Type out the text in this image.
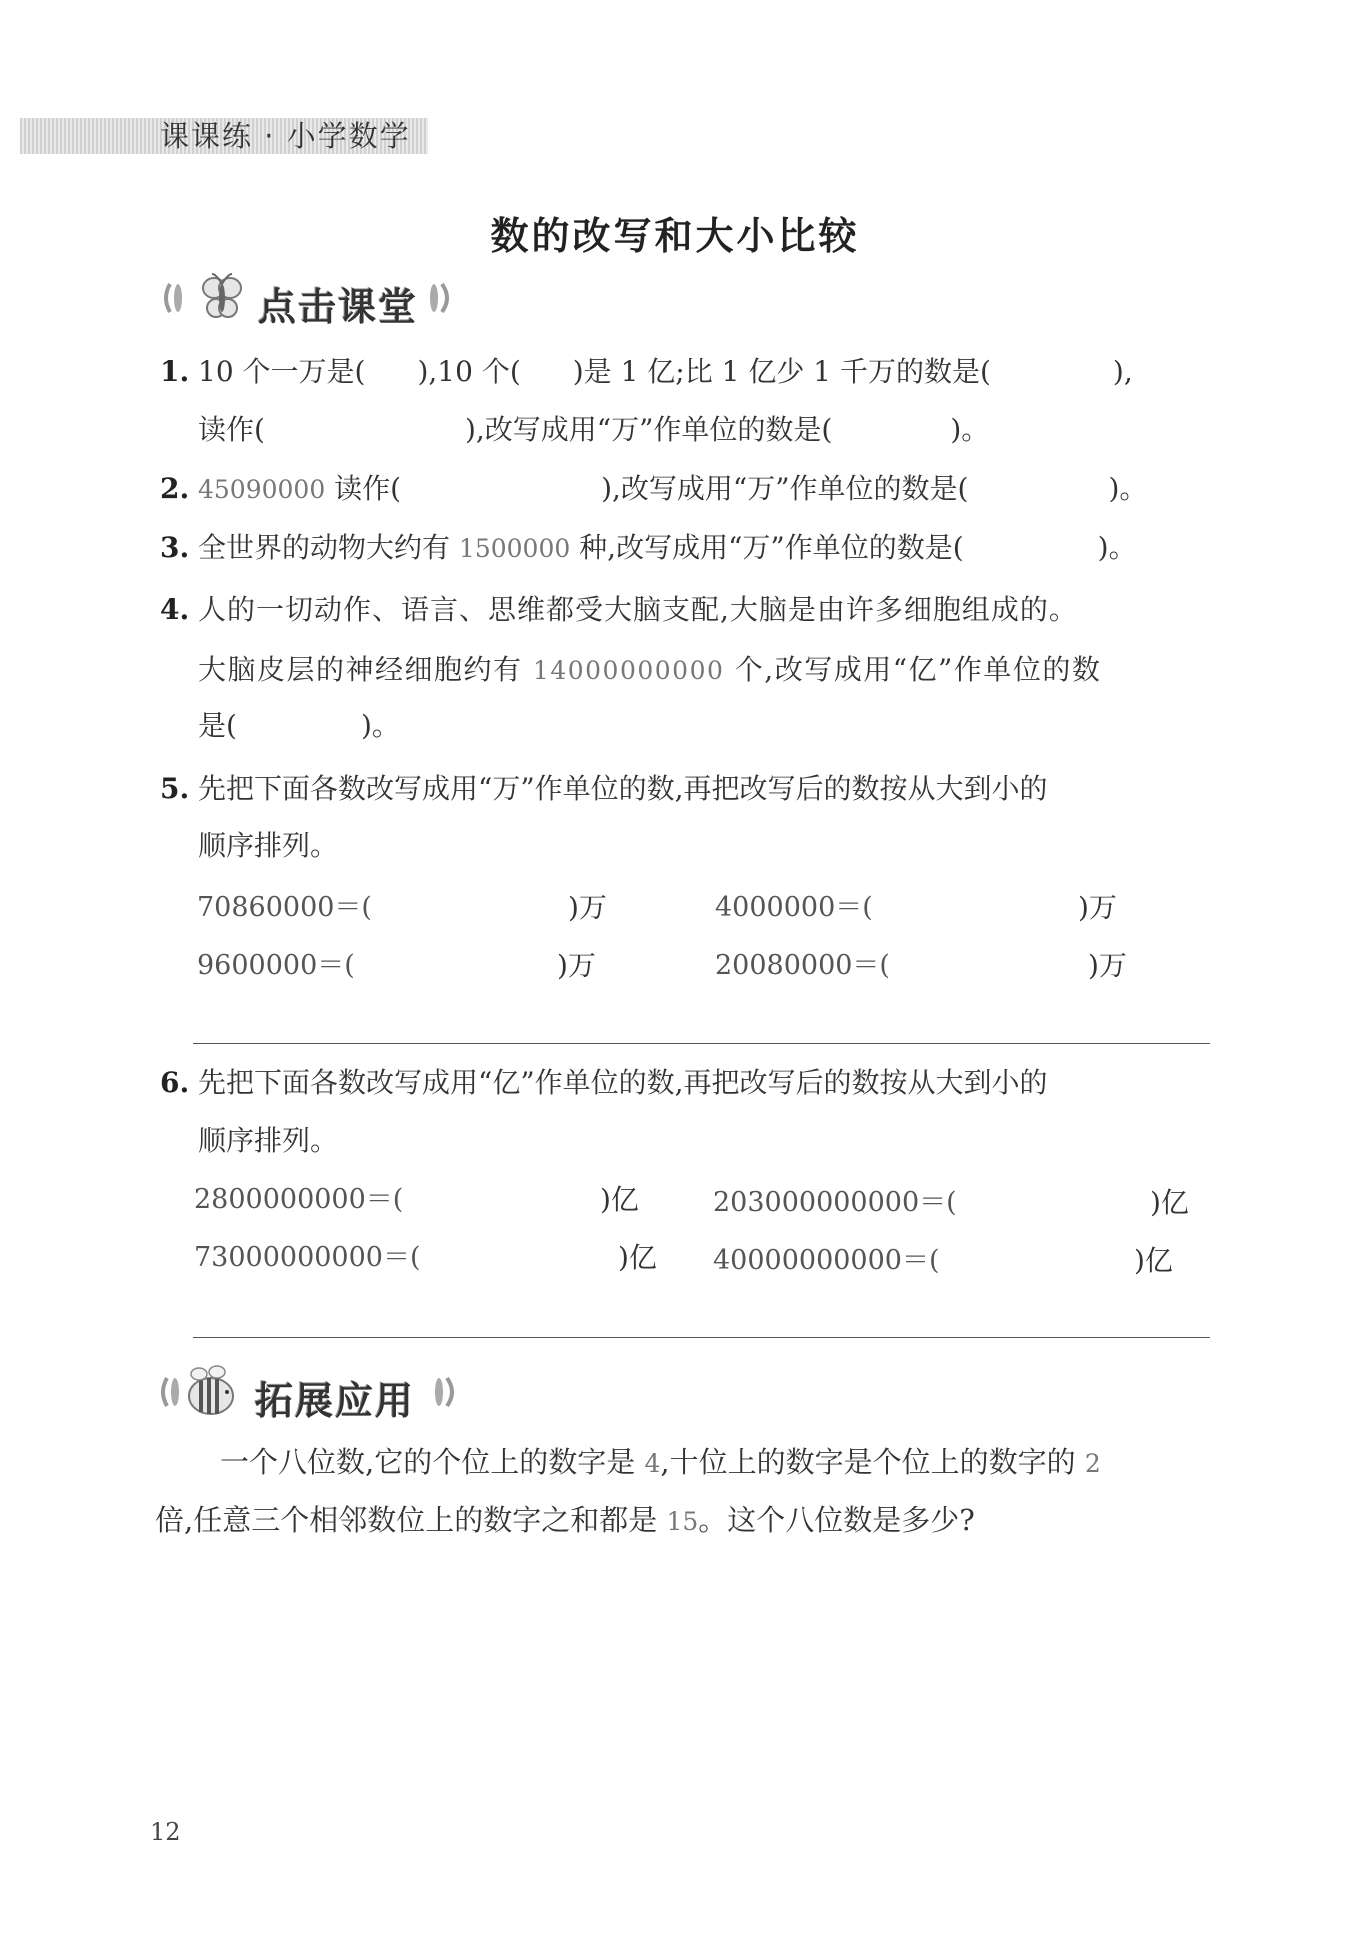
课课练 · 小学数学
数的改写和大小比较
点击课堂
1. 10 个一万是( ),10 个( )是 1 亿;比 1 亿少 1 千万的数是(	),
读作(	),改写成用“万”作单位的数是(	)。
2. 45090000 读作(	),改写成用“万”作单位的数是(	)。
3. 全世界的动物大约有 1500000 种,改写成用“万”作单位的数是(	)。
4. 人的一切动作、语言、思维都受大脑支配,大脑是由许多细胞组成的。
大脑皮层的神经细胞约有 14000000000 个,改写成用“亿”作单位的数
是(	)。
5. 先把下面各数改写成用“万”作单位的数,再把改写后的数按从大到小的
顺序排列。
70860000＝(	)万	4000000＝(	)万
9600000＝(	)万	20080000＝(	)万
6. 先把下面各数改写成用“亿”作单位的数,再把改写后的数按从大到小的
顺序排列。
2800000000＝(	)亿	203000000000＝(	)亿
73000000000＝(	)亿 40000000000＝(	)亿
拓展应用
一个八位数,它的个位上的数字是 4,十位上的数字是个位上的数字的 2
倍,任意三个相邻数位上的数字之和都是 15。这个八位数是多少?
12
